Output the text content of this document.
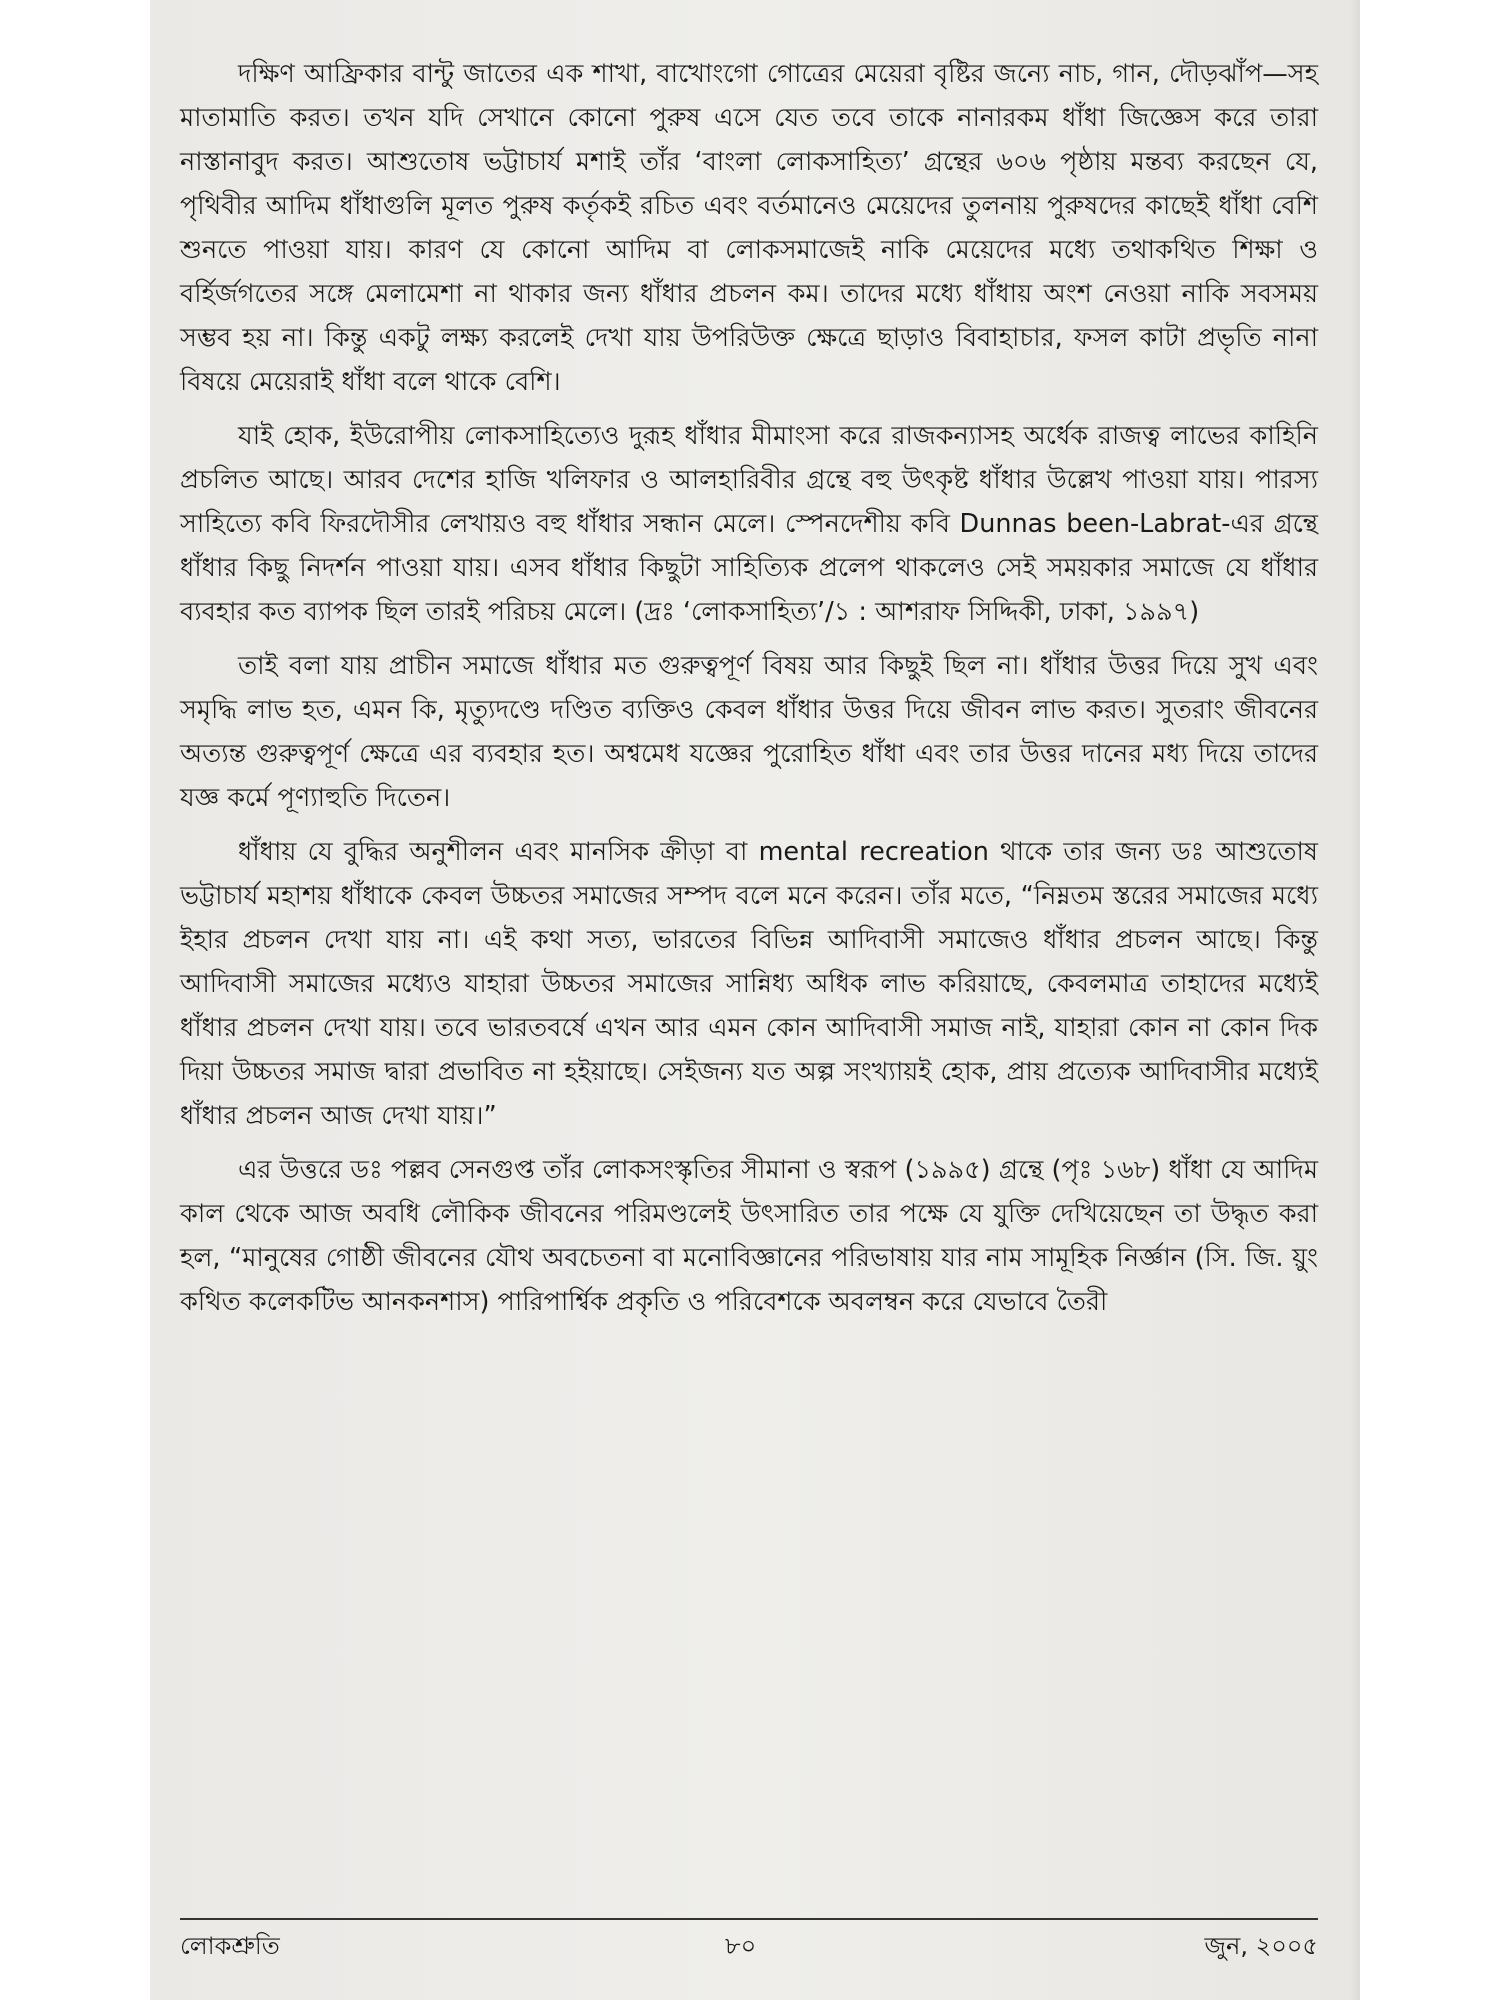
দক্ষিণ আফ্রিকার বান্টু জাতের এক শাখা, বাখোংগো গোত্রের মেয়েরা বৃষ্টির জন্যে নাচ, গান, দৌড়ঝাঁপ—সহ মাতামাতি করত। তখন যদি সেখানে কোনো পুরুষ এসে যেত তবে তাকে নানারকম ধাঁধা জিজ্ঞেস করে তারা নাস্তানাবুদ করত। আশুতোষ ভট্টাচার্য মশাই তাঁর ‘বাংলা লোকসাহিত্য’ গ্রন্থের ৬০৬ পৃষ্ঠায় মন্তব্য করছেন যে, পৃথিবীর আদিম ধাঁধাগুলি মূলত পুরুষ কর্তৃকই রচিত এবং বর্তমানেও মেয়েদের তুলনায় পুরুষদের কাছেই ধাঁধা বেশি শুনতে পাওয়া যায়। কারণ যে কোনো আদিম বা লোকসমাজেই নাকি মেয়েদের মধ্যে তথাকথিত শিক্ষা ও বর্হির্জগতের সঙ্গে মেলামেশা না থাকার জন্য ধাঁধার প্রচলন কম। তাদের মধ্যে ধাঁধায় অংশ নেওয়া নাকি সবসময় সম্ভব হয় না। কিন্তু একটু লক্ষ্য করলেই দেখা যায় উপরিউক্ত ক্ষেত্রে ছাড়াও বিবাহাচার, ফসল কাটা প্রভৃতি নানা বিষয়ে মেয়েরাই ধাঁধা বলে থাকে বেশি।

যাই হোক, ইউরোপীয় লোকসাহিত্যেও দুরূহ ধাঁধার মীমাংসা করে রাজকন্যাসহ অর্ধেক রাজত্ব লাভের কাহিনি প্রচলিত আছে। আরব দেশের হাজি খলিফার ও আলহারিবীর গ্রন্থে বহু উৎকৃষ্ট ধাঁধার উল্লেখ পাওয়া যায়। পারস্য সাহিত্যে কবি ফিরদৌসীর লেখায়ও বহু ধাঁধার সন্ধান মেলে। স্পেনদেশীয় কবি Dunnas been-Labrat-এর গ্রন্থে ধাঁধার কিছু নিদর্শন পাওয়া যায়। এসব ধাঁধার কিছুটা সাহিত্যিক প্রলেপ থাকলেও সেই সময়কার সমাজে যে ধাঁধার ব্যবহার কত ব্যাপক ছিল তারই পরিচয় মেলে। (দ্রঃ ‘লোকসাহিত্য’/১ : আশরাফ সিদ্দিকী, ঢাকা, ১৯৯৭)

তাই বলা যায় প্রাচীন সমাজে ধাঁধার মত গুরুত্বপূর্ণ বিষয় আর কিছুই ছিল না। ধাঁধার উত্তর দিয়ে সুখ এবং সমৃদ্ধি লাভ হত, এমন কি, মৃত্যুদণ্ডে দণ্ডিত ব্যক্তিও কেবল ধাঁধার উত্তর দিয়ে জীবন লাভ করত। সুতরাং জীবনের অত্যন্ত গুরুত্বপূর্ণ ক্ষেত্রে এর ব্যবহার হত। অশ্বমেধ যজ্ঞের পুরোহিত ধাঁধা এবং তার উত্তর দানের মধ্য দিয়ে তাদের যজ্ঞ কর্মে পূণ্যাহুতি দিতেন।

ধাঁধায় যে বুদ্ধির অনুশীলন এবং মানসিক ক্রীড়া বা mental recreation থাকে তার জন্য ডঃ আশুতোষ ভট্টাচার্য মহাশয় ধাঁধাকে কেবল উচ্চতর সমাজের সম্পদ বলে মনে করেন। তাঁর মতে, “নিম্নতম স্তরের সমাজের মধ্যে ইহার প্রচলন দেখা যায় না। এই কথা সত্য, ভারতের বিভিন্ন আদিবাসী সমাজেও ধাঁধার প্রচলন আছে। কিন্তু আদিবাসী সমাজের মধ্যেও যাহারা উচ্চতর সমাজের সান্নিধ্য অধিক লাভ করিয়াছে, কেবলমাত্র তাহাদের মধ্যেই ধাঁধার প্রচলন দেখা যায়। তবে ভারতবর্ষে এখন আর এমন কোন আদিবাসী সমাজ নাই, যাহারা কোন না কোন দিক দিয়া উচ্চতর সমাজ দ্বারা প্রভাবিত না হইয়াছে। সেইজন্য যত অল্প সংখ্যায়ই হোক, প্রায় প্রত্যেক আদিবাসীর মধ্যেই ধাঁধার প্রচলন আজ দেখা যায়।”

এর উত্তরে ডঃ পল্লব সেনগুপ্ত তাঁর লোকসংস্কৃতির সীমানা ও স্বরূপ (১৯৯৫) গ্রন্থে (পৃঃ ১৬৮) ধাঁধা যে আদিম কাল থেকে আজ অবধি লৌকিক জীবনের পরিমণ্ডলেই উৎসারিত তার পক্ষে যে যুক্তি দেখিয়েছেন তা উদ্ধৃত করা হল, “মানুষের গোষ্ঠী জীবনের যৌথ অবচেতনা বা মনোবিজ্ঞানের পরিভাষায় যার নাম সামূহিক নির্জ্ঞান (সি. জি. য়ুং কথিত কলেকটিভ আনকনশাস) পারিপার্শ্বিক প্রকৃতি ও পরিবেশকে অবলম্বন করে যেভাবে তৈরী

লোকশ্রুতি	৮০	জুন, ২০০৫
